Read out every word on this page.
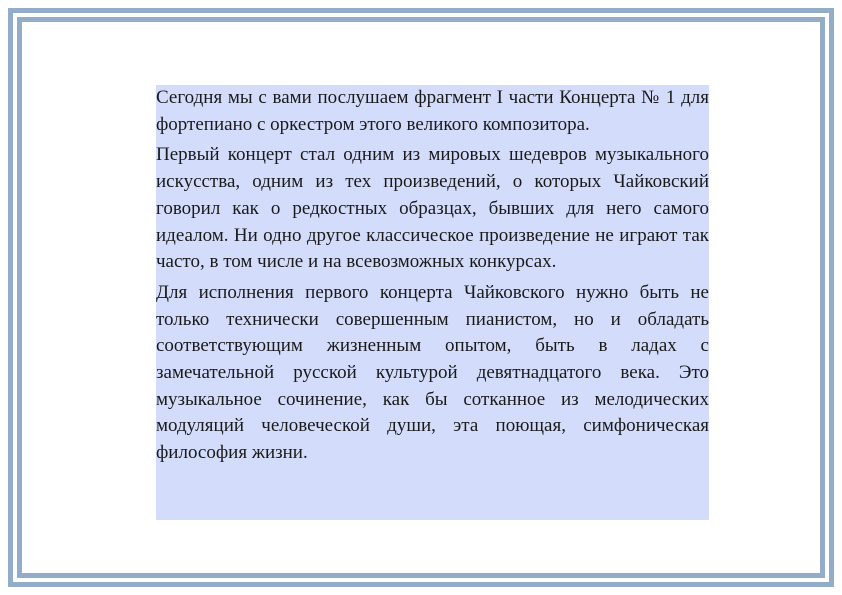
Сегодня мы с вами послушаем фрагмент I части Концерта № 1 для фортепиано с оркестром этого великого композитора.

Первый концерт стал одним из мировых шедевров музыкального искусства, одним из тех произведений, о которых Чайковский говорил как о редкостных образцах, бывших для него самого идеалом. Ни одно другое классическое произведение не играют так часто, в том числе и на всевозможных конкурсах.

Для исполнения первого концерта Чайковского нужно быть не только технически совершенным пианистом, но и обладать соответствующим жизненным опытом, быть в ладах с замечательной русской культурой девятнадцатого века. Это музыкальное сочинение, как бы сотканное из мелодических модуляций человеческой души, эта поющая, симфоническая философия жизни.
